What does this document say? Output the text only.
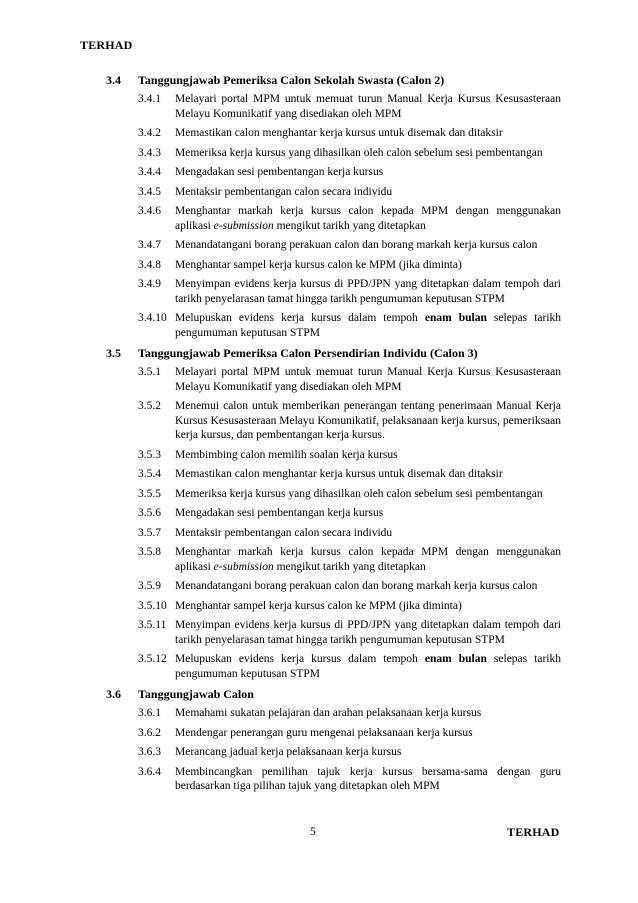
TERHAD
3.4 Tanggungjawab Pemeriksa Calon Sekolah Swasta (Calon 2)
3.4.1 Melayari portal MPM untuk memuat turun Manual Kerja Kursus Kesusasteraan Melayu Komunikatif yang disediakan oleh MPM
3.4.2 Memastikan calon menghantar kerja kursus untuk disemak dan ditaksir
3.4.3 Memeriksa kerja kursus yang dihasilkan oleh calon sebelum sesi pembentangan
3.4.4 Mengadakan sesi pembentangan kerja kursus
3.4.5 Mentaksir pembentangan calon secara individu
3.4.6 Menghantar markah kerja kursus calon kepada MPM dengan menggunakan aplikasi e-submission mengikut tarikh yang ditetapkan
3.4.7 Menandatangani borang perakuan calon dan borang markah kerja kursus calon
3.4.8 Menghantar sampel kerja kursus calon ke MPM (jika diminta)
3.4.9 Menyimpan evidens kerja kursus di PPD/JPN yang ditetapkan dalam tempoh dari tarikh penyelarasan tamat hingga tarikh pengumuman keputusan STPM
3.4.10 Melupuskan evidens kerja kursus dalam tempoh enam bulan selepas tarikh pengumuman keputusan STPM
3.5 Tanggungjawab Pemeriksa Calon Persendirian Individu (Calon 3)
3.5.1 Melayari portal MPM untuk memuat turun Manual Kerja Kursus Kesusasteraan Melayu Komunikatif yang disediakan oleh MPM
3.5.2 Menemui calon untuk memberikan penerangan tentang penerimaan Manual Kerja Kursus Kesusasteraan Melayu Komunikatif, pelaksanaan kerja kursus, pemeriksaan kerja kursus, dan pembentangan kerja kursus.
3.5.3 Membimbing calon memilih soalan kerja kursus
3.5.4 Memastikan calon menghantar kerja kursus untuk disemak dan ditaksir
3.5.5 Memeriksa kerja kursus yang dihasilkan oleh calon sebelum sesi pembentangan
3.5.6 Mengadakan sesi pembentangan kerja kursus
3.5.7 Mentaksir pembentangan calon secara individu
3.5.8 Menghantar markah kerja kursus calon kepada MPM dengan menggunakan aplikasi e-submission mengikut tarikh yang ditetapkan
3.5.9 Menandatangani borang perakuan calon dan borang markah kerja kursus calon
3.5.10 Menghantar sampel kerja kursus calon ke MPM (jika diminta)
3.5.11 Menyimpan evidens kerja kursus di PPD/JPN yang ditetapkan dalam tempoh dari tarikh penyelarasan tamat hingga tarikh pengumuman keputusan STPM
3.5.12 Melupuskan evidens kerja kursus dalam tempoh enam bulan selepas tarikh pengumuman keputusan STPM
3.6 Tanggungjawab Calon
3.6.1 Memahami sukatan pelajaran dan arahan pelaksanaan kerja kursus
3.6.2 Mendengar penerangan guru mengenai pelaksanaan kerja kursus
3.6.3 Merancang jadual kerja pelaksanaan kerja kursus
3.6.4 Membincangkan pemilihan tajuk kerja kursus bersama-sama dengan guru berdasarkan tiga pilihan tajuk yang ditetapkan oleh MPM
5	TERHAD
